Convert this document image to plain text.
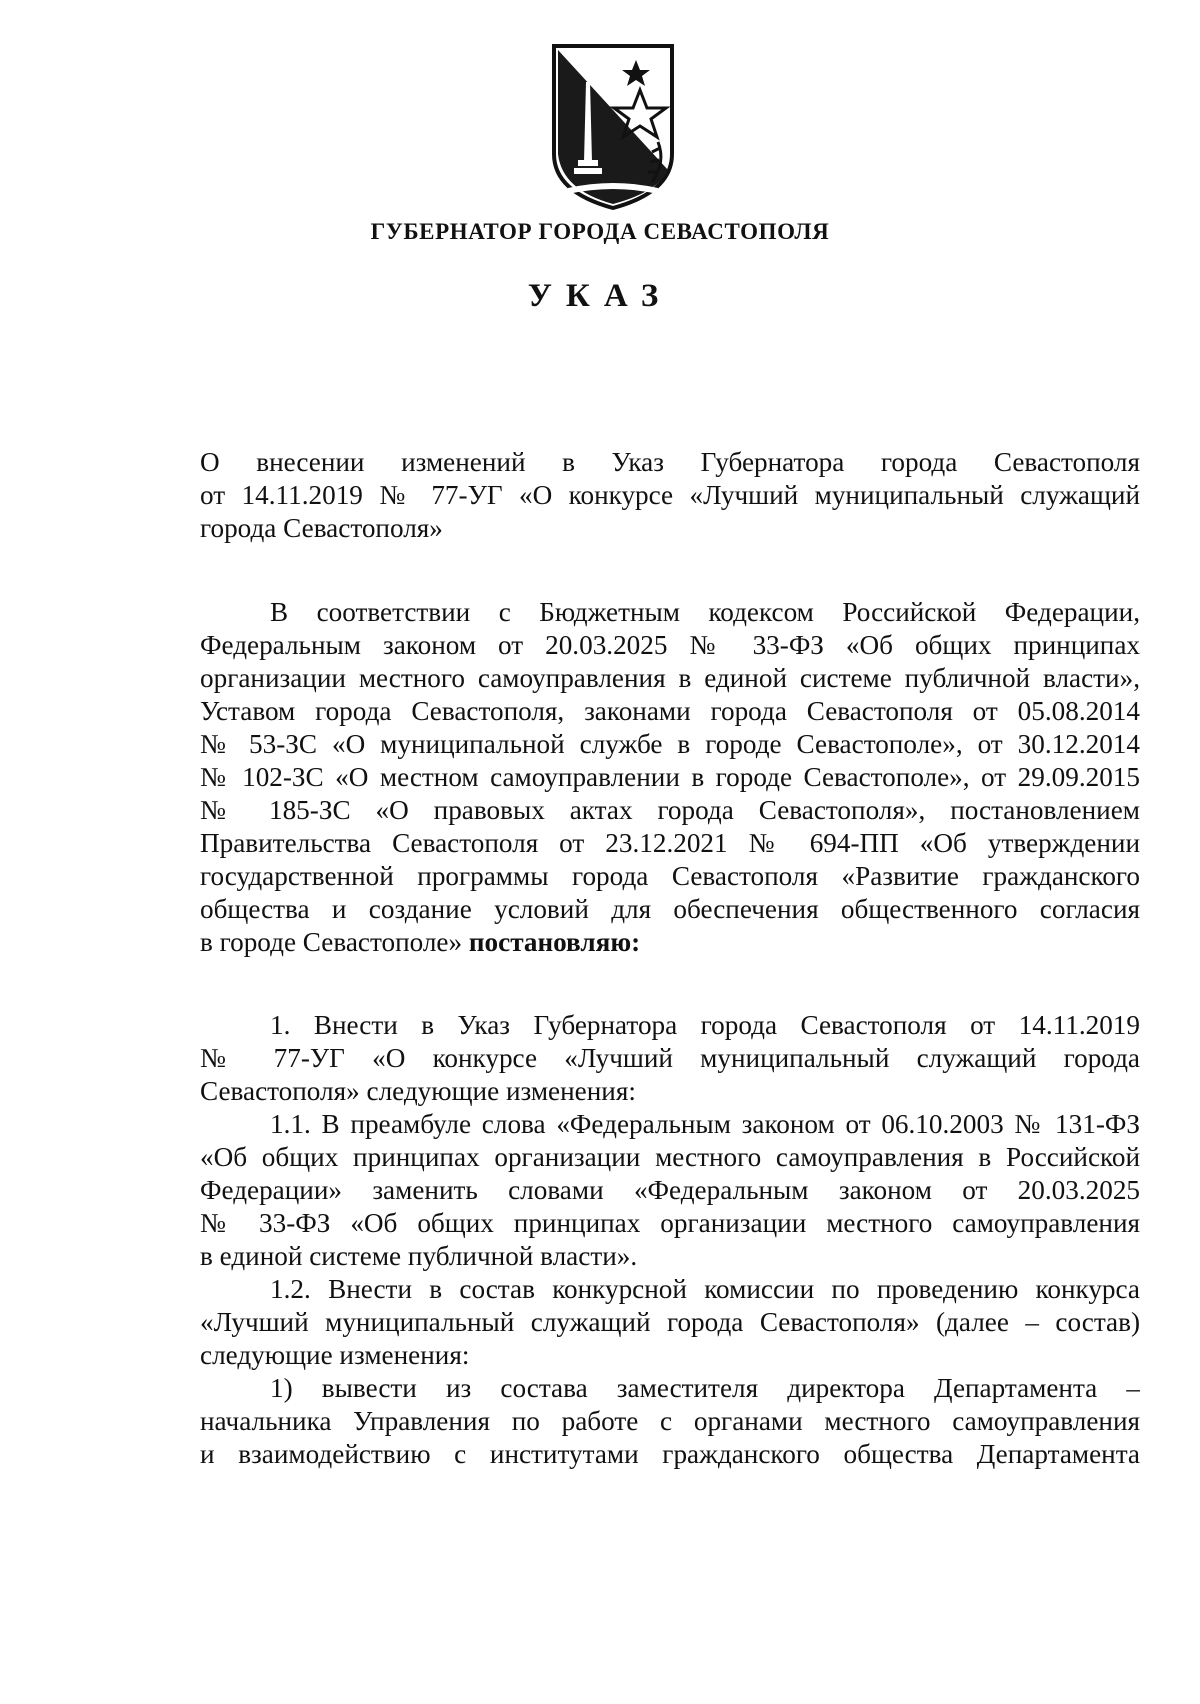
ГУБЕРНАТОР ГОРОДА СЕВАСТОПОЛЯ
УКАЗ
О внесении изменений в Указ Губернатора города Севастополя
от 14.11.2019 № 77-УГ «О конкурсе «Лучший муниципальный служащий
города Севастополя»
В соответствии с Бюджетным кодексом Российской Федерации,
Федеральным законом от 20.03.2025 № 33-ФЗ «Об общих принципах
организации местного самоуправления в единой системе публичной власти»,
Уставом города Севастополя, законами города Севастополя от 05.08.2014
№ 53-ЗС «О муниципальной службе в городе Севастополе», от 30.12.2014
№ 102-ЗС «О местном самоуправлении в городе Севастополе», от 29.09.2015
№ 185-ЗС «О правовых актах города Севастополя», постановлением
Правительства Севастополя от 23.12.2021 № 694-ПП «Об утверждении
государственной программы города Севастополя «Развитие гражданского
общества и создание условий для обеспечения общественного согласия
в городе Севастополе» постановляю:
1. Внести в Указ Губернатора города Севастополя от 14.11.2019
№ 77-УГ «О конкурсе «Лучший муниципальный служащий города
Севастополя» следующие изменения:
1.1. В преамбуле слова «Федеральным законом от 06.10.2003 № 131-ФЗ
«Об общих принципах организации местного самоуправления в Российской
Федерации» заменить словами «Федеральным законом от 20.03.2025
№ 33-ФЗ «Об общих принципах организации местного самоуправления
в единой системе публичной власти».
1.2. Внести в состав конкурсной комиссии по проведению конкурса
«Лучший муниципальный служащий города Севастополя» (далее – состав)
следующие изменения:
1) вывести из состава заместителя директора Департамента –
начальника Управления по работе с органами местного самоуправления
и взаимодействию с институтами гражданского общества Департамента
